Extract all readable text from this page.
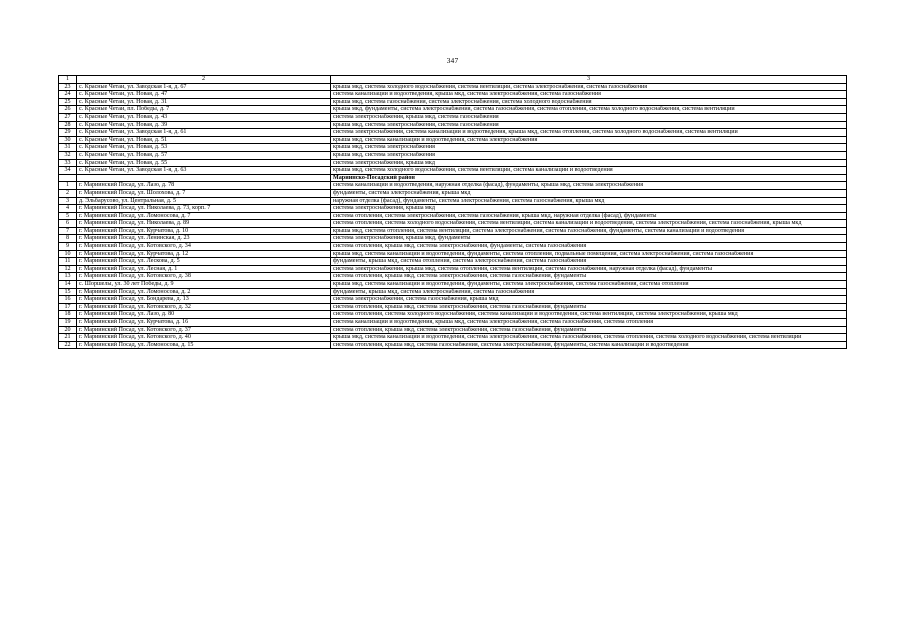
347
1	2	3
23	с. Красные Четаи, ул. Заводская 1-я, д. 67	крыша мкд, система холодного водоснабжения, система вентиляции, система электроснабжения, система газоснабжения
24	с. Красные Четаи, ул. Новая, д. 47	система канализации и водоотведения, крыша мкд, система электроснабжения, система газоснабжения
25	с. Красные Четаи, ул. Новая, д. 31	крыша мкд, система газоснабжения, система электроснабжения, система холодного водоснабжения
26	с. Красные Четаи, пл. Победы, д. 7	крыша мкд, фундаменты, система электроснабжения, система газоснабжения, система отопления, система холодного водоснабжения, система вентиляции
27	с. Красные Четаи, ул. Новая, д. 43	система электроснабжения, крыша мкд, система газоснабжения
28	с. Красные Четаи, ул. Новая, д. 39	крыша мкд, система электроснабжения, система газоснабжения
29	с. Красные Четаи, ул. Заводская 1-я, д. 61	система электроснабжения, система канализации и водоотведения, крыша мкд, система отопления, система холодного водоснабжения, система вентиляции
30	с. Красные Четаи, ул. Новая, д. 51	крыша мкд, система канализации и водоотведения, система электроснабжения
31	с. Красные Четаи, ул. Новая, д. 53	крыша мкд, система электроснабжения
32	с. Красные Четаи, ул. Новая, д. 57	крыша мкд, система электроснабжения
33	с. Красные Четаи, ул. Новая, д. 55	система электроснабжения, крыша мкд
34	с. Красные Четаи, ул. Заводская 1-я, д. 63	крыша мкд, система холодного водоснабжения, система вентиляции, система канализации и водоотведения
		Мариинско-Посадский район
1	г. Мариинский Посад, ул. Лазо, д. 78	система канализации и водоотведения, наружная отделка (фасад), фундаменты, крыша мкд, система электроснабжения
2	г. Мариинский Посад, ул. Шолохова, д. 7	фундаменты, система электроснабжения, крыша мкд
3	д. Эльбарусово, ул. Центральная, д. 5	наружная отделка (фасад), фундаменты, система электроснабжения, система газоснабжения, крыша мкд
4	г. Мариинский Посад, ул. Николаева, д. 73, корп. 7	система электроснабжения, крыша мкд
5	г. Мариинский Посад, ул. Ломоносова, д. 7	система отопления, система электроснабжения, система газоснабжения, крыша мкд, наружная отделка (фасад), фундаменты
6	г. Мариинский Посад, ул. Николаева, д. 89	система отопления, система холодного водоснабжения, система вентиляции, система канализации и водоотведения, система электроснабжения, система газоснабжения, крыша мкд
7	г. Мариинский Посад, ул. Курчатова, д. 10	крыша мкд, система отопления, система вентиляции, система электроснабжения, система газоснабжения, фундаменты, система канализации и водоотведения
8	г. Мариинский Посад, ул. Ленинская, д. 23	система электроснабжения, крыша мкд, фундаменты
9	г. Мариинский Посад, ул. Котовского, д. 34	система отопления, крыша мкд, система электроснабжения, фундаменты, система газоснабжения
10	г. Мариинский Посад, ул. Курчатова, д. 12	крыша мкд, система канализации и водоотведения, фундаменты, система отопления, подвальные помещения, система электроснабжения, система газоснабжения
11	г. Мариинский Посад, ул. Лескова, д. 5	фундаменты, крыша мкд, система отопления, система электроснабжения, система газоснабжения
12	г. Мариинский Посад, ул. Лесная, д. 1	система электроснабжения, крыша мкд, система отопления, система вентиляции, система газоснабжения, наружная отделка (фасад), фундаменты
13	г. Мариинский Посад, ул. Котовского, д. 38	система отопления, крыша мкд, система электроснабжения, система газоснабжения, фундаменты
14	с. Шоршелы, ул. 30 лет Победы, д. 9	крыша мкд, система канализации и водоотведения, фундаменты, система электроснабжения, система газоснабжения, система отопления
15	г. Мариинский Посад, ул. Ломоносова, д. 2	фундаменты, крыша мкд, система электроснабжения, система газоснабжения
16	г. Мариинский Посад, ул. Бондарева, д. 13	система электроснабжения, система газоснабжения, крыша мкд
17	г. Мариинский Посад, ул. Котовского, д. 32	система отопления, крыша мкд, система электроснабжения, система газоснабжения, фундаменты
18	г. Мариинский Посад, ул. Лазо, д. 80	система отопления, система холодного водоснабжения, система канализации и водоотведения, система вентиляции, система электроснабжения, крыша мкд
19	г. Мариинский Посад, ул. Курчатова, д. 16	система канализации и водоотведения, крыша мкд, система электроснабжения, система газоснабжения, система отопления
20	г. Мариинский Посад, ул. Котовского, д. 37	система отопления, крыша мкд, система электроснабжения, система газоснабжения, фундаменты
21	г. Мариинский Посад, ул. Котовского, д. 40	крыша мкд, система канализации и водоотведения, система электроснабжения, система газоснабжения, система отопления, система холодного водоснабжения, система вентиляции
22	г. Мариинский Посад, ул. Ломоносова, д. 15	система отопления, крыша мкд, система газоснабжения, система электроснабжения, фундаменты, система канализации и водоотведения
